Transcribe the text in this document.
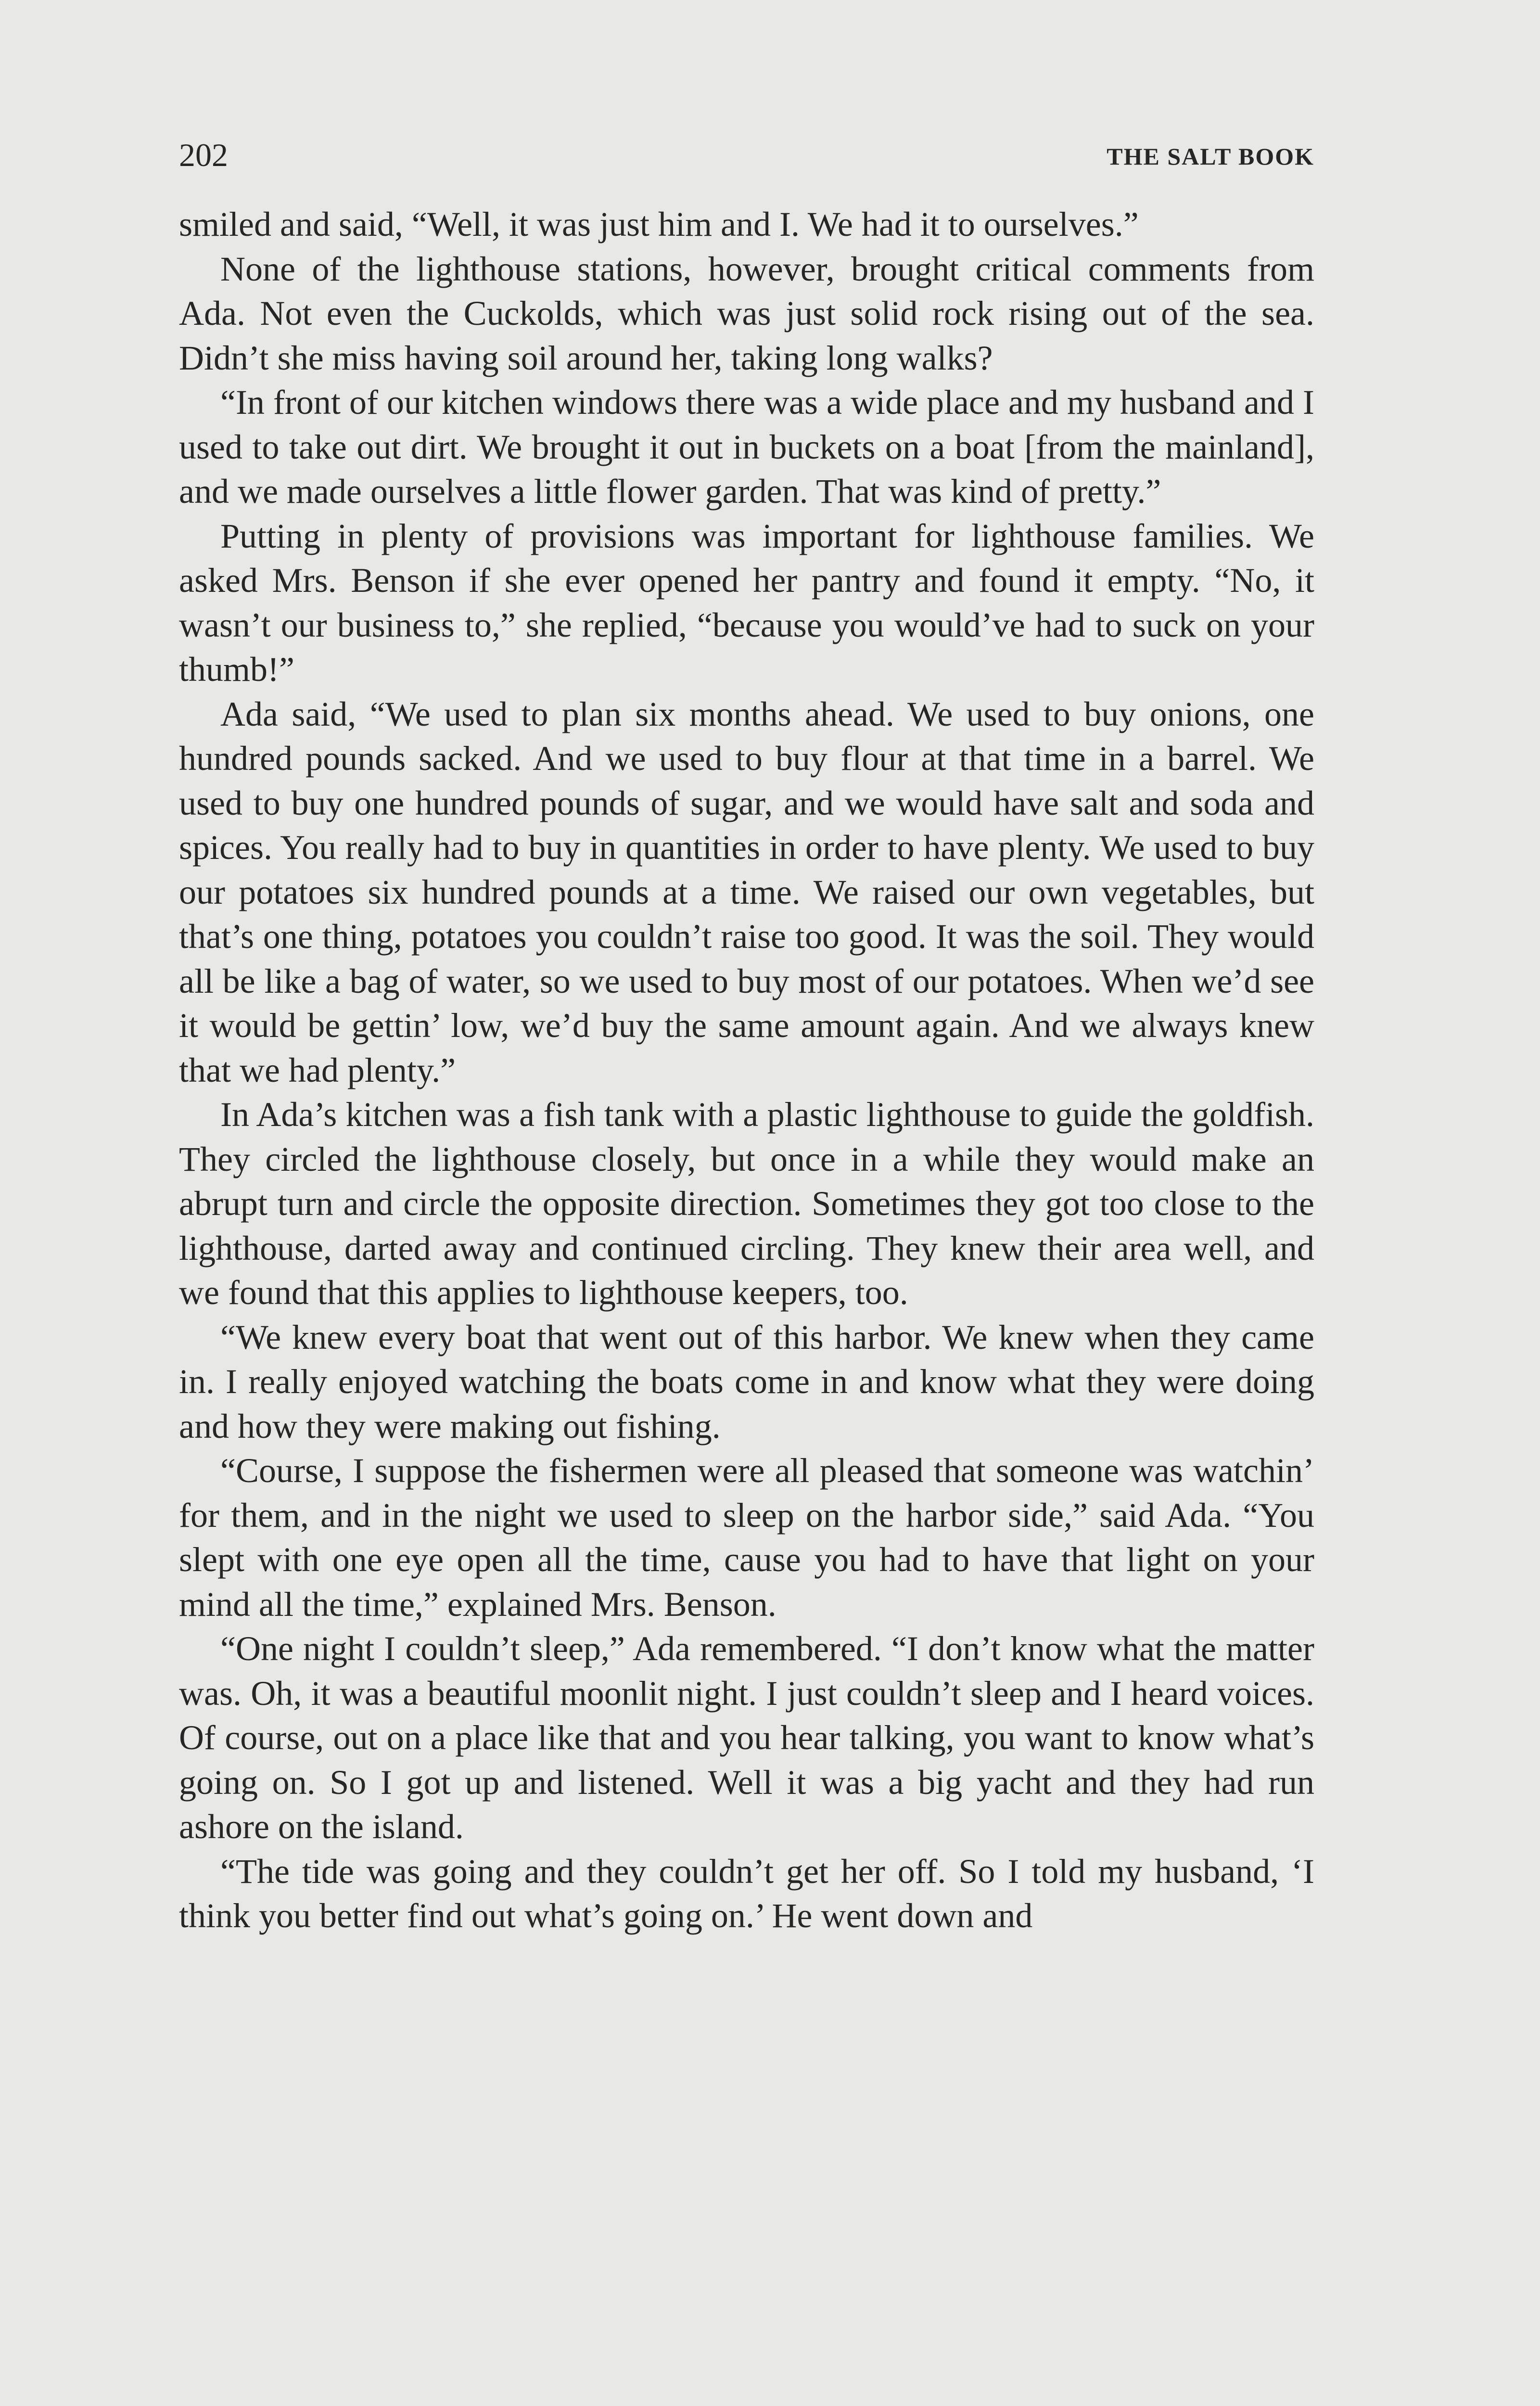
202	THE SALT BOOK

smiled and said, “Well, it was just him and I. We had it to ourselves.”

None of the lighthouse stations, however, brought critical comments from Ada. Not even the Cuckolds, which was just solid rock rising out of the sea. Didn’t she miss having soil around her, taking long walks?

“In front of our kitchen windows there was a wide place and my husband and I used to take out dirt. We brought it out in buckets on a boat [from the mainland], and we made ourselves a little flower garden. That was kind of pretty.”

Putting in plenty of provisions was important for lighthouse families. We asked Mrs. Benson if she ever opened her pantry and found it empty. “No, it wasn’t our business to,” she replied, “because you would’ve had to suck on your thumb!”

Ada said, “We used to plan six months ahead. We used to buy onions, one hundred pounds sacked. And we used to buy flour at that time in a barrel. We used to buy one hundred pounds of sugar, and we would have salt and soda and spices. You really had to buy in quantities in order to have plenty. We used to buy our potatoes six hundred pounds at a time. We raised our own vegetables, but that’s one thing, potatoes you couldn’t raise too good. It was the soil. They would all be like a bag of water, so we used to buy most of our potatoes. When we’d see it would be gettin’ low, we’d buy the same amount again. And we always knew that we had plenty.”

In Ada’s kitchen was a fish tank with a plastic lighthouse to guide the goldfish. They circled the lighthouse closely, but once in a while they would make an abrupt turn and circle the opposite direction. Sometimes they got too close to the lighthouse, darted away and continued circling. They knew their area well, and we found that this applies to lighthouse keepers, too.

“We knew every boat that went out of this harbor. We knew when they came in. I really enjoyed watching the boats come in and know what they were doing and how they were making out fishing.

“Course, I suppose the fishermen were all pleased that someone was watchin’ for them, and in the night we used to sleep on the harbor side,” said Ada. “You slept with one eye open all the time, cause you had to have that light on your mind all the time,” explained Mrs. Benson.

“One night I couldn’t sleep,” Ada remembered. “I don’t know what the matter was. Oh, it was a beautiful moonlit night. I just couldn’t sleep and I heard voices. Of course, out on a place like that and you hear talking, you want to know what’s going on. So I got up and listened. Well it was a big yacht and they had run ashore on the island.

“The tide was going and they couldn’t get her off. So I told my husband, ‘I think you better find out what’s going on.’ He went down and
